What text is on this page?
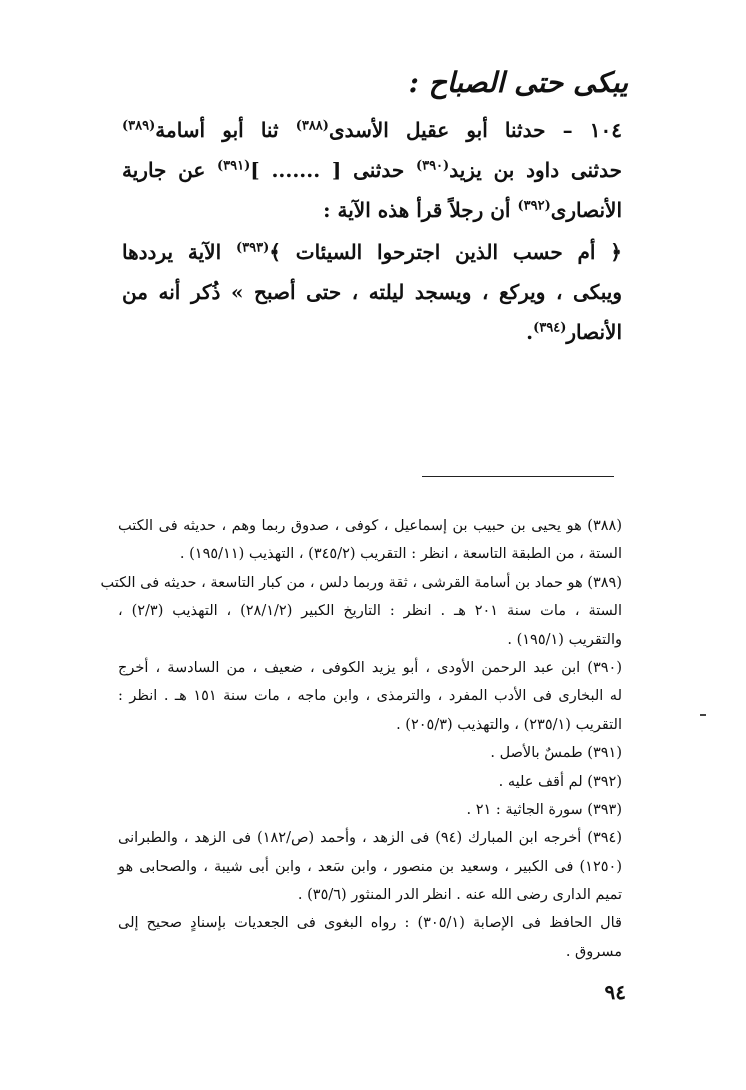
يبكى حتى الصباح :
١٠٤ – حدثنا أبو عقيل الأسدى$^{(٣٨٨)}$ ثنا أبو أسامة$^{(٣٨٩)}$
حدثنى داود بن يزيد$^{(٣٩٠)}$ حدثنى [ ....... ]$^{(٣٩١)}$ عن جارية
الأنصارى$^{(٣٩٢)}$ أن رجلاً قرأ هذه الآية :
﴿ أم حسب الذين اجترحوا السيئات ﴾$^{(٣٩٣)}$ الآية يرددها
ويبكى ، ويركع ، ويسجد ليلته ، حتى أصبح » ذُكر أنه من
الأنصار$^{(٣٩٤)}$.
(٣٨٨) هو يحيى بن حبيب بن إسماعيل ، كوفى ، صدوق ربما وهم ، حديثه فى الكتب
الستة ، من الطبقة التاسعة ، انظر : التقريب (٣٤٥/٢) ، التهذيب (١٩٥/١١) .
(٣٨٩) هو حماد بن أسامة القرشى ، ثقة وربما دلس ، من كبار التاسعة ، حديثه فى الكتب
الستة ، مات سنة ٢٠١ هـ . انظر : التاريخ الكبير (٢٨/١/٢) ، التهذيب (٢/٣) ،
والتقريب (١٩٥/١) .
(٣٩٠) ابن عبد الرحمن الأودى ، أبو يزيد الكوفى ، ضعيف ، من السادسة ، أخرج
له البخارى فى الأدب المفرد ، والترمذى ، وابن ماجه ، مات سنة ١٥١ هـ . انظر :
التقريب (٢٣٥/١) ، والتهذيب (٢٠٥/٣) .
(٣٩١) طمسٌ بالأصل .
(٣٩٢) لم أقف عليه .
(٣٩٣) سورة الجاثية : ٢١ .
(٣٩٤) أخرجه ابن المبارك (٩٤) فى الزهد ، وأحمد (ص/١٨٢) فى الزهد ، والطبرانى
(١٢٥٠) فى الكبير ، وسعيد بن منصور ، وابن سَعد ، وابن أبى شيبة ، والصحابى هو
تميم الدارى رضى الله عنه . انظر الدر المنثور (٣٥/٦) .
قال الحافظ فى الإصابة (٣٠٥/١) : رواه البغوى فى الجعديات بإسنادٍ صحيح إلى
مسروق .
٩٤
